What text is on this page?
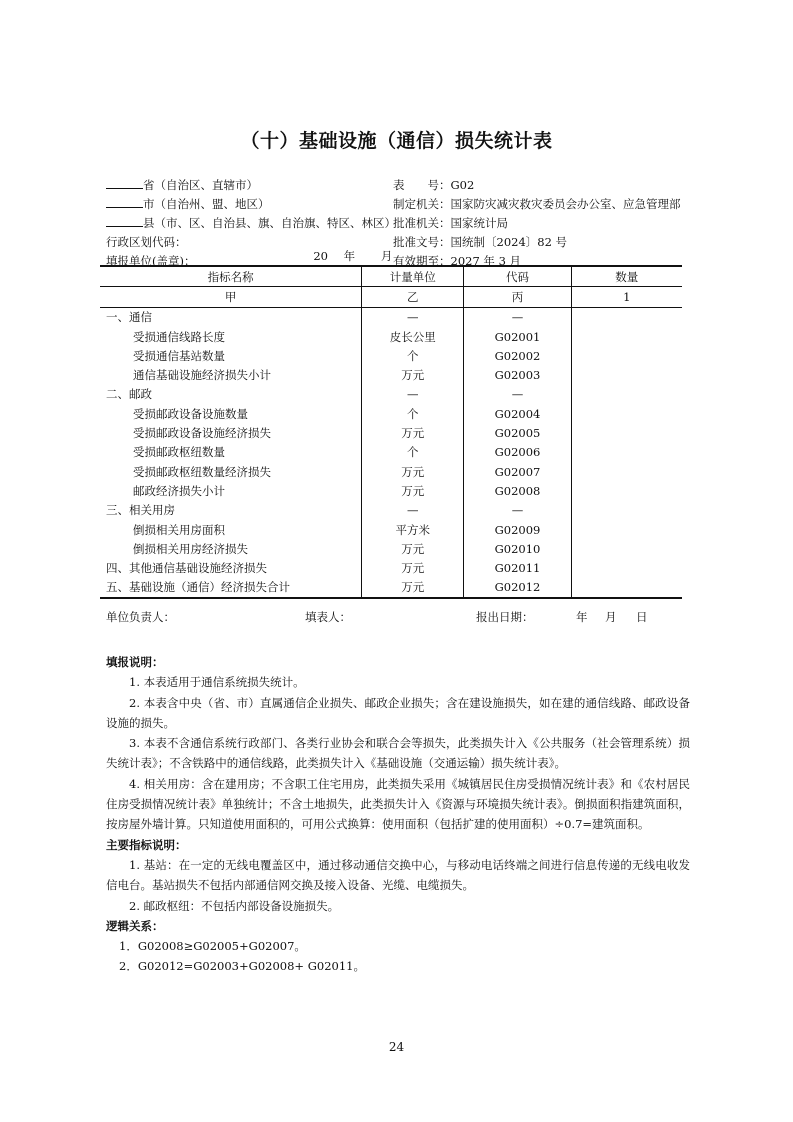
（十）基础设施（通信）损失统计表
省（自治区、直辖市）
市（自治州、盟、地区）
县（市、区、自治县、旗、自治旗、特区、林区）
行政区划代码：
填报单位(盖章)：	20 年 月
表　　号：G02
制定机关：国家防灾减灾救灾委员会办公室、应急管理部
批准机关：国家统计局
批准文号：国统制〔2024〕82 号
有效期至：2027 年 3 月
指标名称	计量单位	代码	数量
甲	乙	丙	1
一、通信	—	—	
受损通信线路长度	皮长公里	G02001	
受损通信基站数量	个	G02002	
通信基础设施经济损失小计	万元	G02003	
二、邮政	—	—	
受损邮政设备设施数量	个	G02004	
受损邮政设备设施经济损失	万元	G02005	
受损邮政枢纽数量	个	G02006	
受损邮政枢纽数量经济损失	万元	G02007	
邮政经济损失小计	万元	G02008	
三、相关用房	—	—	
倒损相关用房面积	平方米	G02009	
倒损相关用房经济损失	万元	G02010	
四、其他通信基础设施经济损失	万元	G02011	
五、基础设施（通信）经济损失合计	万元	G02012	
单位负责人：	填表人：	报出日期：	年 月 日
填报说明：
1. 本表适用于通信系统损失统计。
2. 本表含中央（省、市）直属通信企业损失、邮政企业损失；含在建设施损失，如在建的通信线路、邮政设备设施的损失。
3. 本表不含通信系统行政部门、各类行业协会和联合会等损失，此类损失计入《公共服务（社会管理系统）损失统计表》；不含铁路中的通信线路，此类损失计入《基础设施（交通运输）损失统计表》。
4. 相关用房：含在建用房；不含职工住宅用房，此类损失采用《城镇居民住房受损情况统计表》和《农村居民住房受损情况统计表》单独统计；不含土地损失，此类损失计入《资源与环境损失统计表》。倒损面积指建筑面积，按房屋外墙计算。只知道使用面积的，可用公式换算：使用面积（包括扩建的使用面积）÷0.7=建筑面积。
主要指标说明：
1. 基站：在一定的无线电覆盖区中，通过移动通信交换中心，与移动电话终端之间进行信息传递的无线电收发信电台。基站损失不包括内部通信网交换及接入设备、光缆、电缆损失。
2. 邮政枢纽：不包括内部设备设施损失。
逻辑关系：
1．G02008≥G02005+G02007。
2．G02012=G02003+G02008+ G02011。
24
